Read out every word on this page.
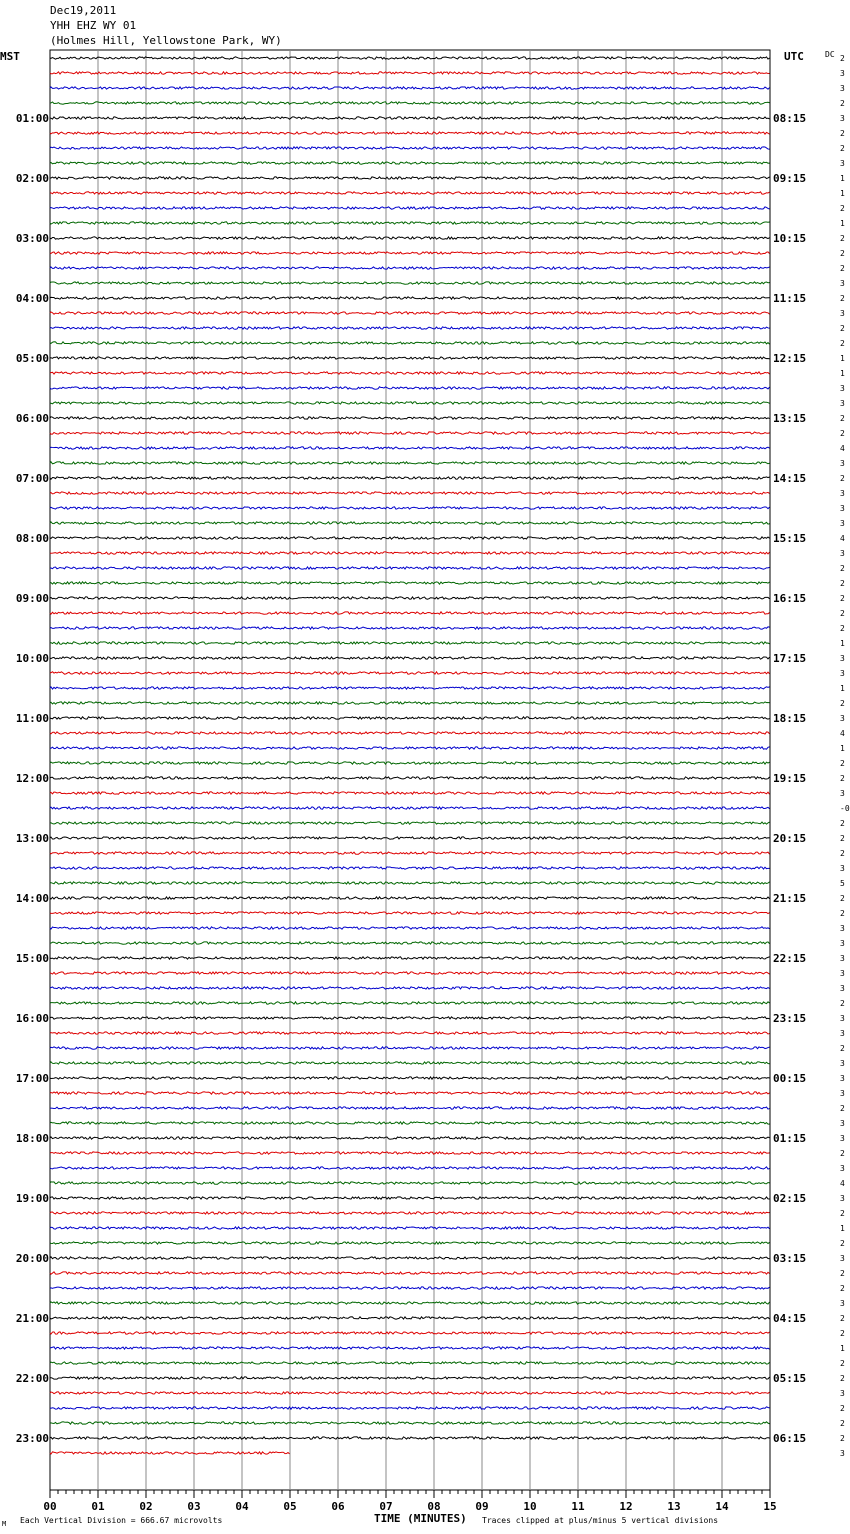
Dec19,2011
YHH EHZ WY 01
(Holmes Hill, Yellowstone Park, WY)
MST	UTC	DC 2
3
3
2
3
2
2
3
1
1
2
1
2
2
2
3
2
3
2
2
1
1
3
3
2
2
4
3
2
3
3
3
4
3
2
2
2
2
2
1
3
3
1
2
3
4
1
2
2
3
-0
2
2
2
3
5
2
2
3
3
3
3
3
2
3
3
2
3
3
3
2
3
3
2
3
4
3
2
1
2
3
2
2
3
2
2
1
2
2
3
2
2
2
3
01:00
02:00
03:00
04:00
05:00
06:00
07:00
08:00
09:00
10:00
11:00
12:00
13:00
14:00
15:00
16:00
17:00
18:00
19:00
20:00
21:00
22:00
23:00
08:15
09:15
10:15
11:15
12:15
13:15
14:15
15:15
16:15
17:15
18:15
19:15
20:15
21:15
22:15
23:15
00:15
01:15
02:15
03:15
04:15
05:15
06:15
00	01	02	03	04	05	06	07	08	09	10	11	12	13	14	15
Each Vertical Division = 666.67 microvolts	TIME (MINUTES) Traces clipped at plus/minus 5 vertical divisions
M
